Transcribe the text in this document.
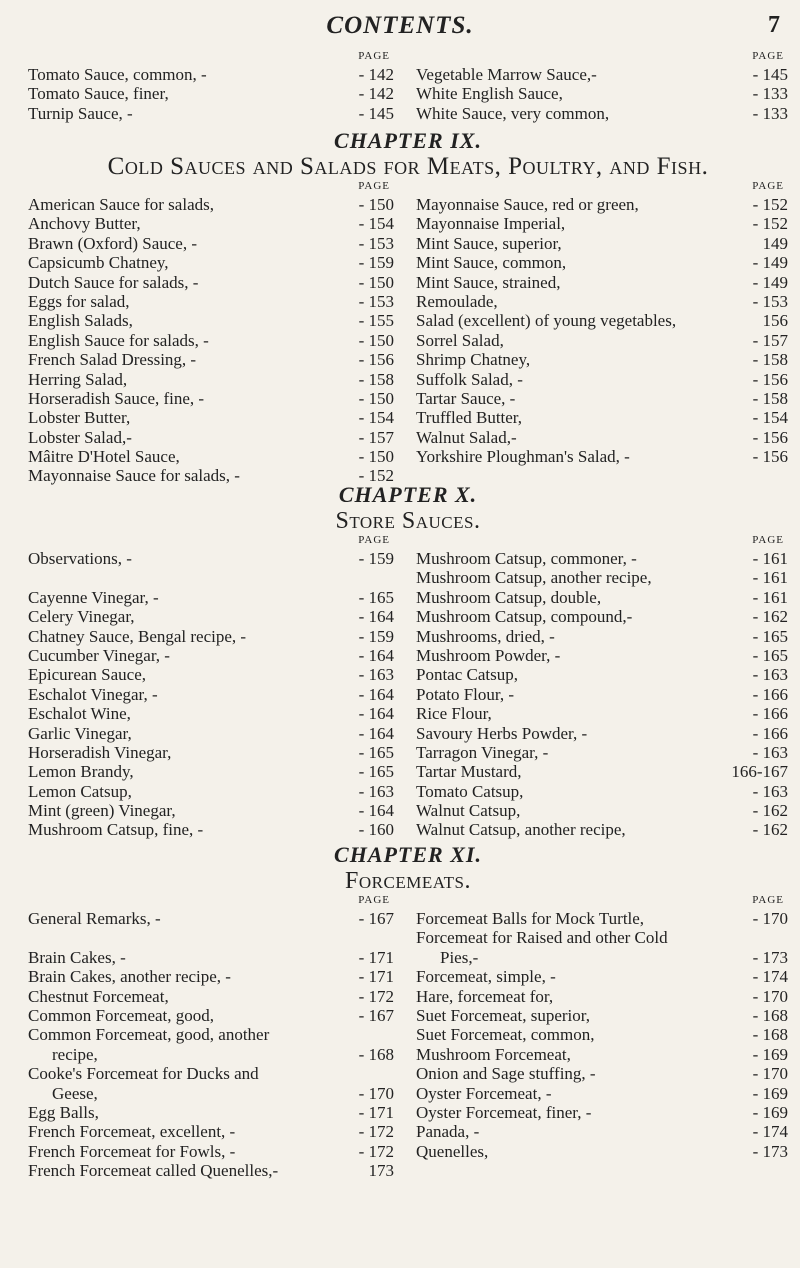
CONTENTS.	7
PAGE
Tomato Sauce, common, -	- 142
Tomato Sauce, finer,	- 142
Turnip Sauce, -	- 145
PAGE
Vegetable Marrow Sauce,-	- 145
White English Sauce,	- 133
White Sauce, very common,	- 133
CHAPTER IX.
Cold Sauces and Salads for Meats, Poultry, and Fish.
PAGE
American Sauce for salads,	- 150
Anchovy Butter,	- 154
Brawn (Oxford) Sauce, -	- 153
Capsicumb Chatney,	- 159
Dutch Sauce for salads, -	- 150
Eggs for salad,	- 153
English Salads,	- 155
English Sauce for salads, -	- 150
French Salad Dressing, -	- 156
Herring Salad,	- 158
Horseradish Sauce, fine, -	- 150
Lobster Butter,	- 154
Lobster Salad,-	- 157
Mâitre D'Hotel Sauce,	- 150
Mayonnaise Sauce for salads, -	- 152
PAGE
Mayonnaise Sauce, red or green,	- 152
Mayonnaise Imperial,	- 152
Mint Sauce, superior,	149
Mint Sauce, common,	- 149
Mint Sauce, strained,	- 149
Remoulade,	- 153
Salad (excellent) of young vegetables,	156
Sorrel Salad,	- 157
Shrimp Chatney,	- 158
Suffolk Salad, -	- 156
Tartar Sauce, -	- 158
Truffled Butter,	- 154
Walnut Salad,-	- 156
Yorkshire Ploughman's Salad, -	- 156
CHAPTER X.
Store Sauces.
PAGE
Observations, -	- 159
Cayenne Vinegar, -	- 165
Celery Vinegar,	- 164
Chatney Sauce, Bengal recipe, -	- 159
Cucumber Vinegar, -	- 164
Epicurean Sauce,	- 163
Eschalot Vinegar, -	- 164
Eschalot Wine,	- 164
Garlic Vinegar,	- 164
Horseradish Vinegar,	- 165
Lemon Brandy,	- 165
Lemon Catsup,	- 163
Mint (green) Vinegar,	- 164
Mushroom Catsup, fine, -	- 160
PAGE
Mushroom Catsup, commoner, -	- 161
Mushroom Catsup, another recipe,	- 161
Mushroom Catsup, double,	- 161
Mushroom Catsup, compound,-	- 162
Mushrooms, dried, -	- 165
Mushroom Powder, -	- 165
Pontac Catsup,	- 163
Potato Flour, -	- 166
Rice Flour,	- 166
Savoury Herbs Powder, -	- 166
Tarragon Vinegar, -	- 163
Tartar Mustard,	166-167
Tomato Catsup,	- 163
Walnut Catsup,	- 162
Walnut Catsup, another recipe,	- 162
CHAPTER XI.
Forcemeats.
PAGE
General Remarks, -	- 167
Brain Cakes, -	- 171
Brain Cakes, another recipe, -	- 171
Chestnut Forcemeat,	- 172
Common Forcemeat, good,	- 167
Common Forcemeat, good, another
recipe,	- 168
Cooke's Forcemeat for Ducks and
Geese,	- 170
Egg Balls,	- 171
French Forcemeat, excellent, -	- 172
French Forcemeat for Fowls, -	- 172
French Forcemeat called Quenelles,-	173
PAGE
Forcemeat Balls for Mock Turtle,	- 170
Forcemeat for Raised and other Cold
Pies,-	- 173
Forcemeat, simple, -	- 174
Hare, forcemeat for,	- 170
Suet Forcemeat, superior,	- 168
Suet Forcemeat, common,	- 168
Mushroom Forcemeat,	- 169
Onion and Sage stuffing, -	- 170
Oyster Forcemeat, -	- 169
Oyster Forcemeat, finer, -	- 169
Panada, -	- 174
Quenelles,	- 173
